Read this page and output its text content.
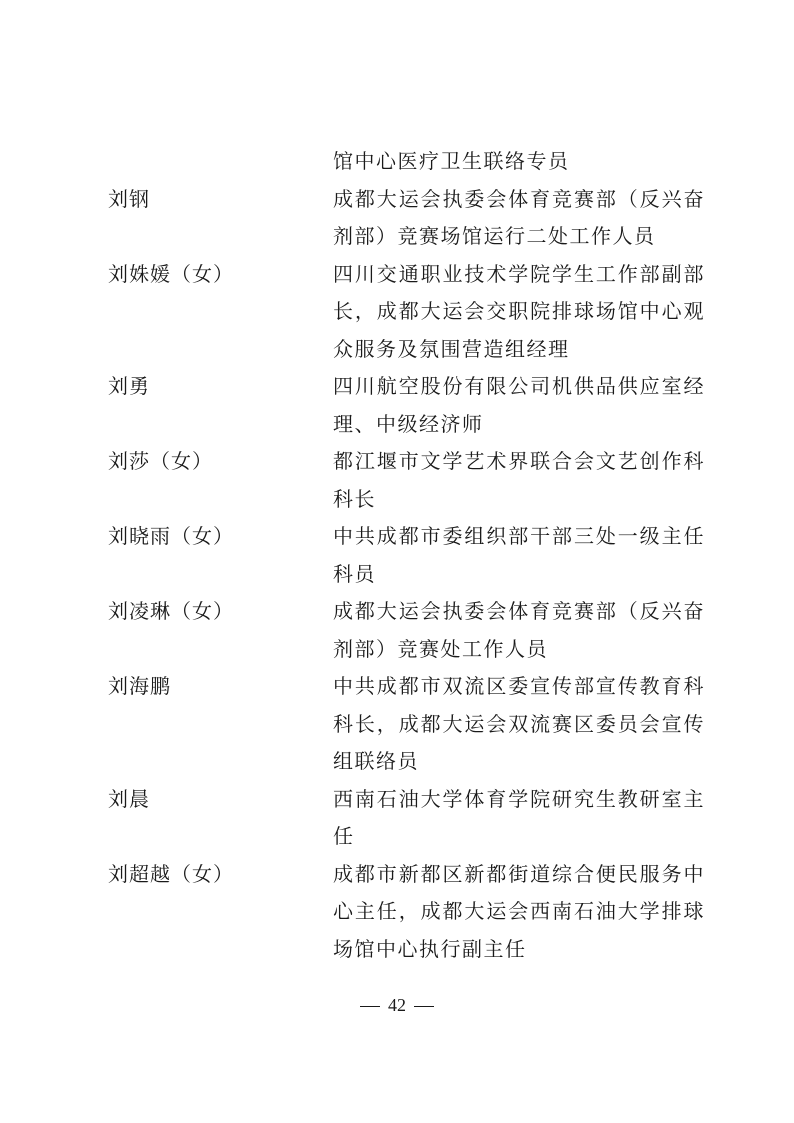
馆中心医疗卫生联络专员
刘钢	成都大运会执委会体育竞赛部（反兴奋
剂部）竞赛场馆运行二处工作人员
刘姝媛（女）	四川交通职业技术学院学生工作部副部
长，成都大运会交职院排球场馆中心观
众服务及氛围营造组经理
刘勇	四川航空股份有限公司机供品供应室经
理、中级经济师
刘莎（女）	都江堰市文学艺术界联合会文艺创作科
科长
刘晓雨（女）	中共成都市委组织部干部三处一级主任
科员
刘凌琳（女）	成都大运会执委会体育竞赛部（反兴奋
剂部）竞赛处工作人员
刘海鹏	中共成都市双流区委宣传部宣传教育科
科长，成都大运会双流赛区委员会宣传
组联络员
刘晨	西南石油大学体育学院研究生教研室主
任
刘超越（女）	成都市新都区新都街道综合便民服务中
心主任，成都大运会西南石油大学排球
场馆中心执行副主任
42
